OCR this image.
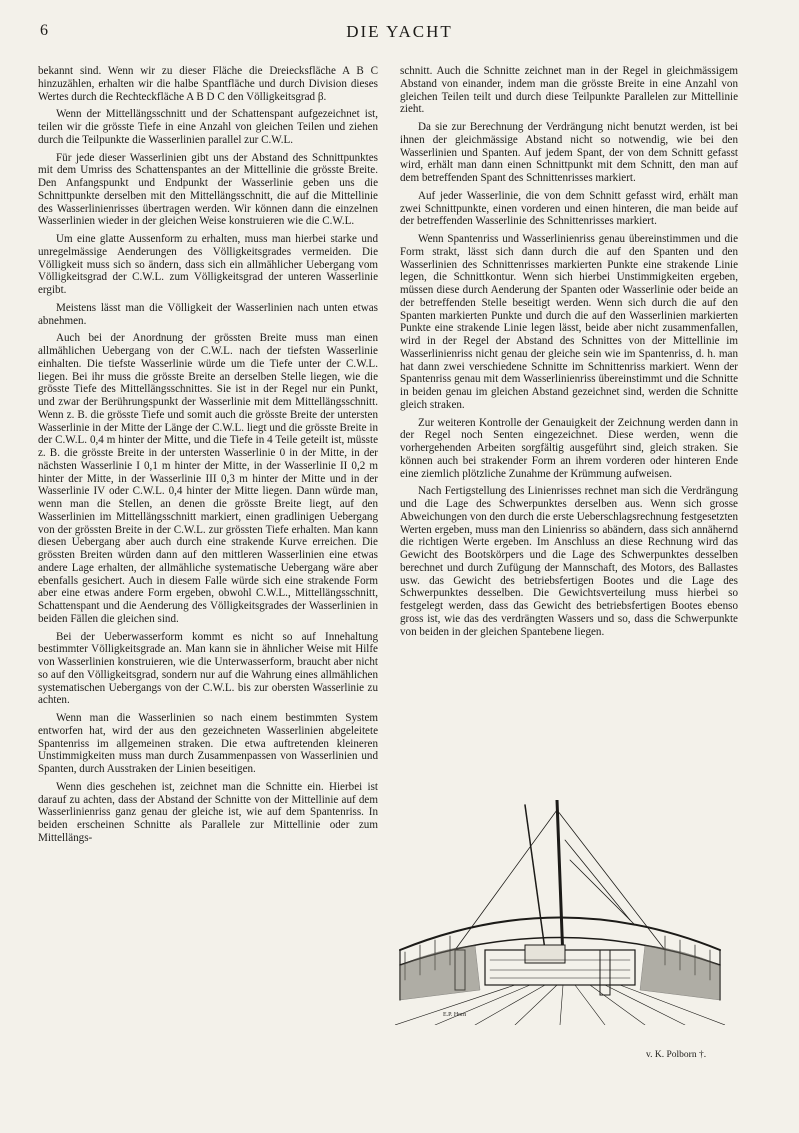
6	DIE YACHT

bekannt sind. Wenn wir zu dieser Fläche die Dreiecksfläche A B C hinzuzählen, erhalten wir die halbe Spantfläche und durch Division dieses Wertes durch die Rechteckfläche A B D C den Völligkeitsgrad β.

Wenn der Mittellängsschnitt und der Schattenspant aufgezeichnet ist, teilen wir die grösste Tiefe in eine Anzahl von gleichen Teilen und ziehen durch die Teilpunkte die Wasserlinien parallel zur C.W.L.

Für jede dieser Wasserlinien gibt uns der Abstand des Schnittpunktes mit dem Umriss des Schattenspantes an der Mittellinie die grösste Breite. Den Anfangspunkt und Endpunkt der Wasserlinie geben uns die Schnittpunkte derselben mit den Mittellängsschnitt, die auf die Mittellinie des Wasserlinienrisses übertragen werden. Wir können dann die einzelnen Wasserlinien wieder in der gleichen Weise konstruieren wie die C.W.L.

Um eine glatte Aussenform zu erhalten, muss man hierbei starke und unregelmässige Aenderungen des Völligkeitsgrades vermeiden. Die Völligkeit muss sich so ändern, dass sich ein allmählicher Uebergang vom Völligkeitsgrad der C.W.L. zum Völligkeitsgrad der unteren Wasserlinie ergibt.

Meistens lässt man die Völligkeit der Wasserlinien nach unten etwas abnehmen.

Auch bei der Anordnung der grössten Breite muss man einen allmählichen Uebergang von der C.W.L. nach der tiefsten Wasserlinie einhalten. Die tiefste Wasserlinie würde um die Tiefe unter der C.W.L. liegen. Bei ihr muss die grösste Breite an derselben Stelle liegen, wie die grösste Tiefe des Mittellängsschnittes. Sie ist in der Regel nur ein Punkt, und zwar der Berührungspunkt der Wasserlinie mit dem Mittellängsschnitt. Wenn z. B. die grösste Tiefe und somit auch die grösste Breite der untersten Wasserlinie in der Mitte der Länge der C.W.L. liegt und die grösste Breite in der C.W.L. 0,4 m hinter der Mitte, und die Tiefe in 4 Teile geteilt ist, müsste z. B. die grösste Breite in der untersten Wasserlinie 0 in der Mitte, in der nächsten Wasserlinie I 0,1 m hinter der Mitte, in der Wasserlinie II 0,2 m hinter der Mitte, in der Wasserlinie III 0,3 m hinter der Mitte und in der Wasserlinie IV oder C.W.L. 0,4 hinter der Mitte liegen. Dann würde man, wenn man die Stellen, an denen die grösste Breite liegt, auf den Wasserlinien im Mittellängsschnitt markiert, einen gradlinigen Uebergang von der grössten Breite in der C.W.L. zur grössten Tiefe erhalten. Man kann diesen Uebergang aber auch durch eine strakende Kurve erreichen. Die grössten Breiten würden dann auf den mittleren Wasserlinien eine etwas andere Lage erhalten, der allmähliche systematische Uebergang wäre aber ebenfalls gesichert. Auch in diesem Falle würde sich eine strakende Form aber eine etwas andere Form ergeben, obwohl C.W.L., Mittellängsschnitt, Schattenspant und die Aenderung des Völligkeitsgrades der Wasserlinien in beiden Fällen die gleichen sind.

Bei der Ueberwasserform kommt es nicht so auf Innehaltung bestimmter Völligkeitsgrade an. Man kann sie in ähnlicher Weise mit Hilfe von Wasserlinien konstruieren, wie die Unterwasserform, braucht aber nicht so auf den Völligkeitsgrad, sondern nur auf die Wahrung eines allmählichen systematischen Uebergangs von der C.W.L. bis zur obersten Wasserlinie zu achten.

Wenn man die Wasserlinien so nach einem bestimmten System entworfen hat, wird der aus den gezeichneten Wasserlinien abgeleitete Spantenriss im allgemeinen straken. Die etwa auftretenden kleineren Unstimmigkeiten muss man durch Zusammenpassen von Wasserlinien und Spanten, durch Ausstraken der Linien beseitigen.

Wenn dies geschehen ist, zeichnet man die Schnitte ein. Hierbei ist darauf zu achten, dass der Abstand der Schnitte von der Mittellinie auf dem Wasserlinienriss ganz genau der gleiche ist, wie auf dem Spantenriss. In beiden erscheinen Schnitte als Parallele zur Mittellinie oder zum Mittellängs-

schnitt. Auch die Schnitte zeichnet man in der Regel in gleichmässigem Abstand von einander, indem man die grösste Breite in eine Anzahl von gleichen Teilen teilt und durch diese Teilpunkte Parallelen zur Mittellinie zieht.

Da sie zur Berechnung der Verdrängung nicht benutzt werden, ist bei ihnen der gleichmässige Abstand nicht so notwendig, wie bei den Wasserlinien und Spanten. Auf jedem Spant, der von dem Schnitt gefasst wird, erhält man dann einen Schnittpunkt mit dem Schnitt, den man auf dem betreffenden Spant des Schnittenrisses markiert.

Auf jeder Wasserlinie, die von dem Schnitt gefasst wird, erhält man zwei Schnittpunkte, einen vorderen und einen hinteren, die man beide auf der betreffenden Wasserlinie des Schnittenrisses markiert.

Wenn Spantenriss und Wasserlinienriss genau übereinstimmen und die Form strakt, lässt sich dann durch die auf den Spanten und den Wasserlinien des Schnittenrisses markierten Punkte eine strakende Linie legen, die Schnittkontur. Wenn sich hierbei Unstimmigkeiten ergeben, müssen diese durch Aenderung der Spanten oder Wasserlinie oder beide an der betreffenden Stelle beseitigt werden. Wenn sich durch die auf den Spanten markierten Punkte und durch die auf den Wasserlinien markierten Punkte eine strakende Linie legen lässt, beide aber nicht zusammenfallen, wird in der Regel der Abstand des Schnittes von der Mittellinie im Wasserlinienriss nicht genau der gleiche sein wie im Spantenriss, d. h. man hat dann zwei verschiedene Schnitte im Schnittenriss markiert. Wenn der Spantenriss genau mit dem Wasserlinienriss übereinstimmt und die Schnitte in beiden genau im gleichen Abstand gezeichnet sind, werden die Schnitte gleich straken.

Zur weiteren Kontrolle der Genauigkeit der Zeichnung werden dann in der Regel noch Senten eingezeichnet. Diese werden, wenn die vorhergehenden Arbeiten sorgfältig ausgeführt sind, gleich straken. Sie können auch bei strakender Form an ihrem vorderen oder hinteren Ende eine ziemlich plötzliche Zunahme der Krümmung aufweisen.

Nach Fertigstellung des Linienrisses rechnet man sich die Verdrängung und die Lage des Schwerpunktes derselben aus. Wenn sich grosse Abweichungen von den durch die erste Ueberschlagsrechnung festgesetzten Werten ergeben, muss man den Linienriss so abändern, dass sich annähernd die richtigen Werte ergeben. Im Anschluss an diese Rechnung wird das Gewicht des Bootskörpers und die Lage des Schwerpunktes desselben berechnet und durch Zufügung der Mannschaft, des Motors, des Ballastes usw. das Gewicht des betriebsfertigen Bootes und die Lage des Schwerpunktes desselben. Die Gewichtsverteilung muss hierbei so festgelegt werden, dass das Gewicht des betriebsfertigen Bootes ebenso gross ist, wie das des verdrängten Wassers und so, dass die Schwerpunkte von beiden in der gleichen Spantebene liegen.

E.P. Horn
v. K. Polborn †.
